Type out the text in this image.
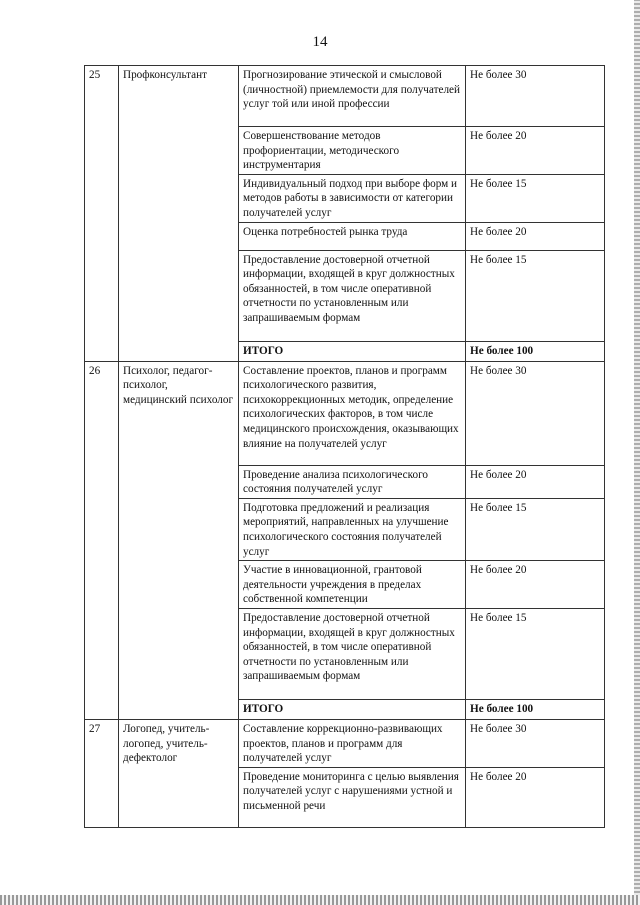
14
25	Профконсультант	Прогнозирование этической и смысловой (личностной) приемлемости для получателей услуг той или иной профессии	Не более 30
		Совершенствование методов профориентации, методического инструментария	Не более 20
		Индивидуальный подход при выборе форм и методов работы в зависимости от категории получателей услуг	Не более 15
		Оценка потребностей рынка труда	Не более 20
		Предоставление достоверной отчетной информации, входящей в круг должностных обязанностей, в том числе оперативной отчетности по установленным или запрашиваемым формам	Не более 15
		ИТОГО	Не более 100
26	Психолог, педагог-психолог, медицинский психолог	Составление проектов, планов и программ психологического развития, психокоррекционных методик, определение психологических факторов, в том числе медицинского происхождения, оказывающих влияние на получателей услуг	Не более 30
		Проведение анализа психологического состояния получателей услуг	Не более 20
		Подготовка предложений и реализация мероприятий, направленных на улучшение психологического состояния получателей услуг	Не более 15
		Участие в инновационной, грантовой деятельности учреждения в пределах собственной компетенции	Не более 20
		Предоставление достоверной отчетной информации, входящей в круг должностных обязанностей, в том числе оперативной отчетности по установленным или запрашиваемым формам	Не более 15
		ИТОГО	Не более 100
27	Логопед, учитель-логопед, учитель-дефектолог	Составление коррекционно-развивающих проектов, планов и программ для получателей услуг	Не более 30
		Проведение мониторинга с целью выявления получателей услуг с нарушениями устной и письменной речи	Не более 20
